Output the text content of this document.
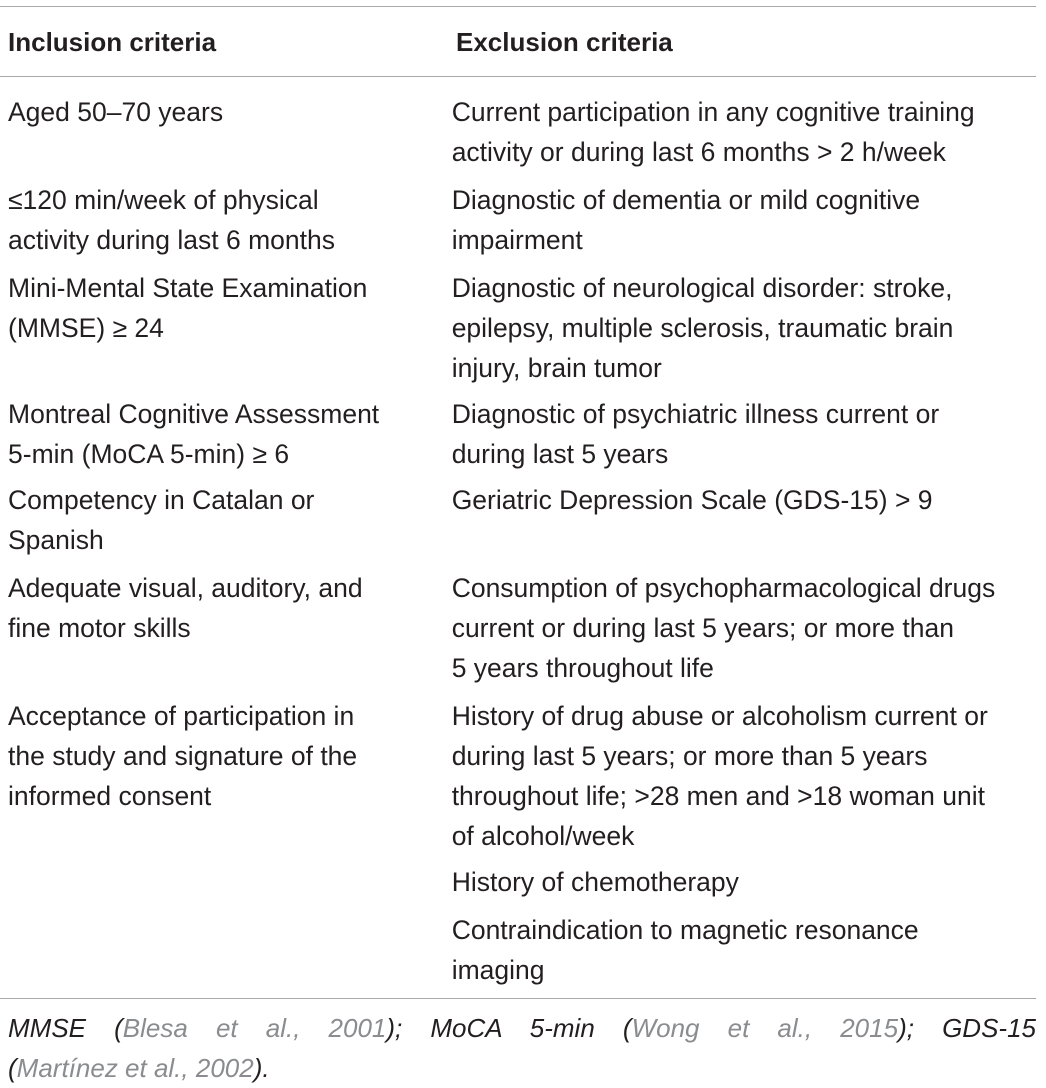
Inclusion criteria	Exclusion criteria
Aged 50–70 years	Current participation in any cognitive training
activity or during last 6 months > 2 h/week
≤120 min/week of physical
activity during last 6 months
Diagnostic of dementia or mild cognitive
impairment
Mini-Mental State Examination
(MMSE) ≥ 24
Diagnostic of neurological disorder: stroke,
epilepsy, multiple sclerosis, traumatic brain
injury, brain tumor
Montreal Cognitive Assessment
5-min (MoCA 5-min) ≥ 6
Diagnostic of psychiatric illness current or
during last 5 years
Competency in Catalan or
Spanish
Geriatric Depression Scale (GDS-15) > 9
Adequate visual, auditory, and
fine motor skills
Consumption of psychopharmacological drugs
current or during last 5 years; or more than
5 years throughout life
Acceptance of participation in
the study and signature of the
informed consent
History of drug abuse or alcoholism current or
during last 5 years; or more than 5 years
throughout life; >28 men and >18 woman unit
of alcohol/week
History of chemotherapy
Contraindication to magnetic resonance
imaging
MMSE (Blesa et al., 2001); MoCA 5-min (Wong et al., 2015); GDS-15
(Martínez et al., 2002).
